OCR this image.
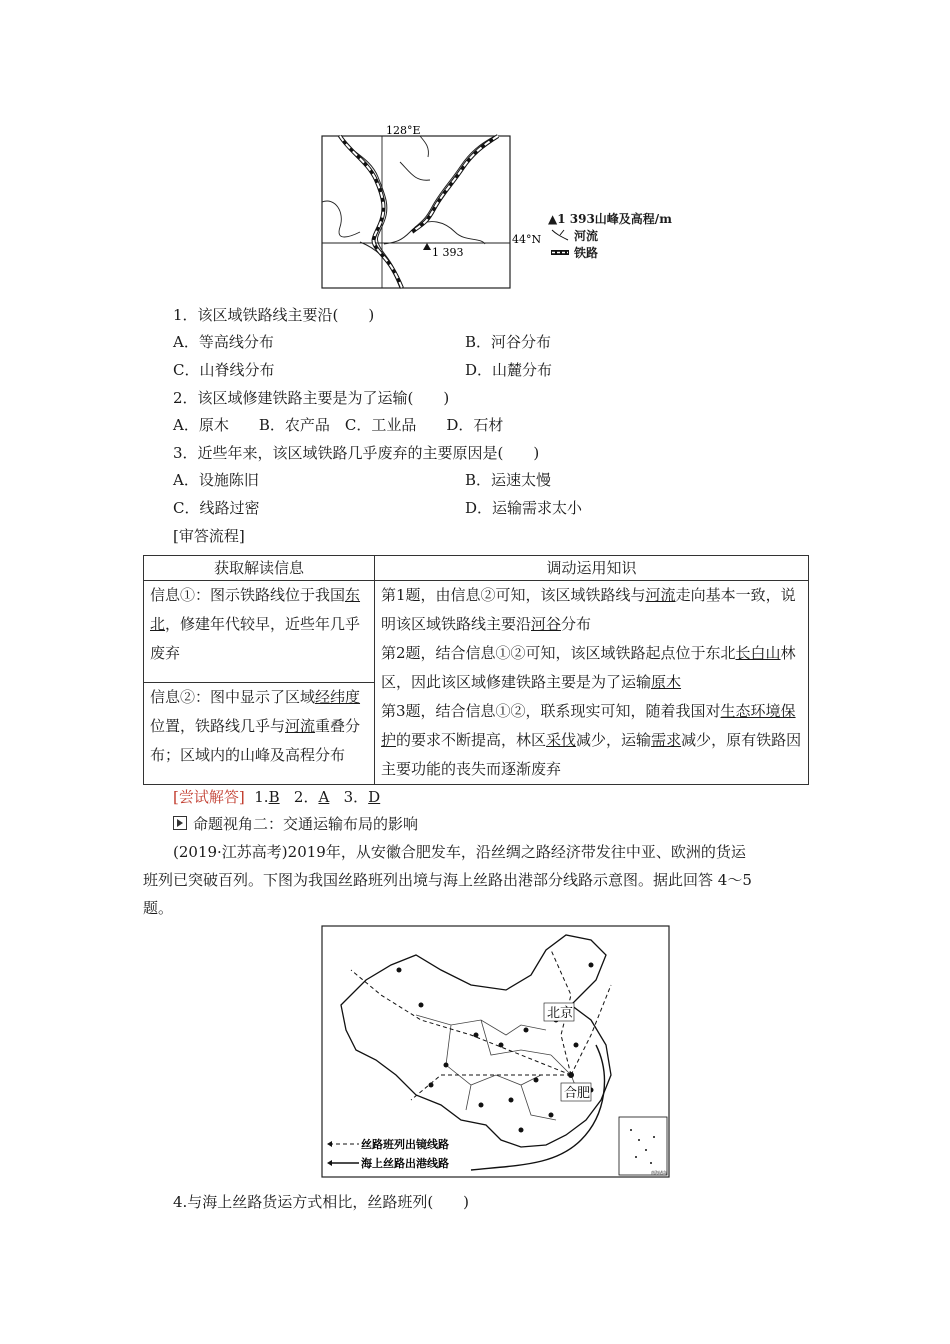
128°E
44°N
1 393
▲1 393山峰及高程/m
河流
铁路
1．该区域铁路线主要沿(　　)
A．等高线分布	B．河谷分布
C．山脊线分布	D．山麓分布
2．该区域修建铁路主要是为了运输(　　)
A．原木　　B．农产品　C．工业品　　D．石材
3．近些年来，该区域铁路几乎废弃的主要原因是(　　)
A．设施陈旧	B．运速太慢
C．线路过密	D．运输需求太小
[审答流程]
获取解读信息	调动运用知识
信息①：图示铁路线位于我国东北，修建年代较早，近些年几乎废弃	第1题，由信息②可知，该区域铁路线与河流走向基本一致，说明该区域铁路线主要沿河谷分布
第2题，结合信息①②可知，该区域铁路起点位于东北长白山林区，因此该区域修建铁路主要是为了运输原木
第3题，结合信息①②，联系现实可知，随着我国对生态环境保护的要求不断提高，林区采伐减少，运输需求减少，原有铁路因主要功能的丧失而逐渐废弃

信息②：图中显示了区域经纬度位置，铁路线几乎与河流重叠分布；区域内的山峰及高程分布	
[尝试解答] 1.B 2．A 3．D
命题视角二：交通运输布局的影响
(2019·江苏高考)2019年，从安徽合肥发车，沿丝绸之路经济带发往中亚、欧洲的货运
班列已突破百列。下图为我国丝路班列出境与海上丝路出港部分线路示意图。据此回答 4～5
题。
北京
合肥
南海诸岛
丝路班列出镜线路
海上丝路出港线路
4.与海上丝路货运方式相比，丝路班列(　　)
